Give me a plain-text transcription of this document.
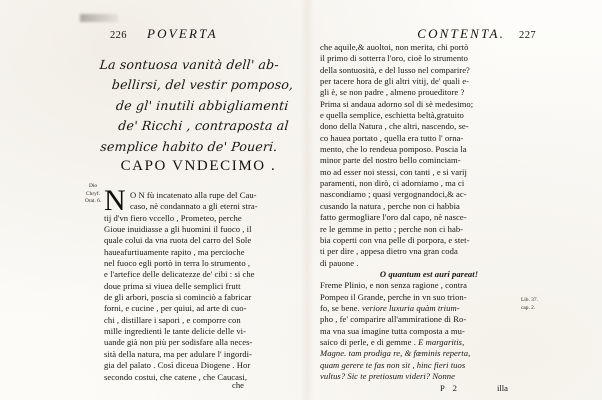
226 POVERTA
La sontuosa vanità dell' ab-
bellirsi, del vestir pomposo,
de gl' inutili abbigliamenti
de' Ricchi , contraposta al
semplice habito de' Poueri.
CAPO VNDECIMO .
Dio
Chryf.
Orat. 6. N O N fù incatenato alla rupe del Cau-
caso, nè condannato a gli eterni stra-
tij d'vn fiero vccello , Prometeo, perche
Gioue inuidiasse a gli huomini il fuoco , il
quale colui da vna ruota del carro del Sole
haueafurtiuamente rapito , ma percioche
nel fuoco egli portò in terra lo strumento ,
e l'artefice delle delicatezze de' cibi : si che
doue prima si viuea delle semplici frutt
de gli arbori, poscia si cominciò a fabricar
forni, e cucine , per quiui, ad arte di cuo-
chi , distillare i sapori , e comporre con
mille ingredienti le tante delicie delle vi-
uande già non più per sodisfare alla neces-
sità della natura, ma per adulare l' ingordi-
gia del palato . Così diceua Diogene . Hor
secondo costui, che catene , che Caucasi,
che
CONTENTA. 227
Lib. 37.
cap. 2.
che aquile,& auoltoi, non merita, chi portò
il primo di sotterra l'oro, cioè lo strumento
della sontuosità, e del lusso nel comparire?
per tacere hora de gli altri vitij, de' quali e-
gli è, se non padre , almeno proueditore ?
Prima si andaua adorno sol di sè medesimo;
e quella semplice, eschietta beltà,gratuito
dono della Natura , che altri, nascendo, se-
co hauea portato , quella era tutto l' orna-
mento, che lo rendeua pomposo. Poscia la
minor parte del nostro bello cominciam-
mo ad esser noi stessi, con tanti , e si varij
paramenti, non dirò, ci adorniamo , ma ci
nascondiamo ; quasi vergognandoci,& ac-
cusando la natura , perche non ci habbia
fatto germogliare l'oro dal capo, nè nasce-
re le gemme in petto ; perche non ci hab-
bia coperti con vna pelle di porpora, e stet-
ti per dire , appesa dietro vna gran coda
di pauone .
O quantum est auri pareat!
Freme Plinio, e non senza ragione , contra
Pompeo il Grande, perche in vn suo trion-
fo, se bene. veriore luxuria quàm trium-
pho , fe' comparire all'ammiratione di Ro-
ma vna sua imagine tutta composta a mu-
saico di perle, e di gemme . E margaritis,
Magne. tam prodiga re, & fœminis reperta,
quam gerere te fas non sit , hinc fieri tuos
vultus? Sic te pretiosum videri? Nonne
P 2	illa
